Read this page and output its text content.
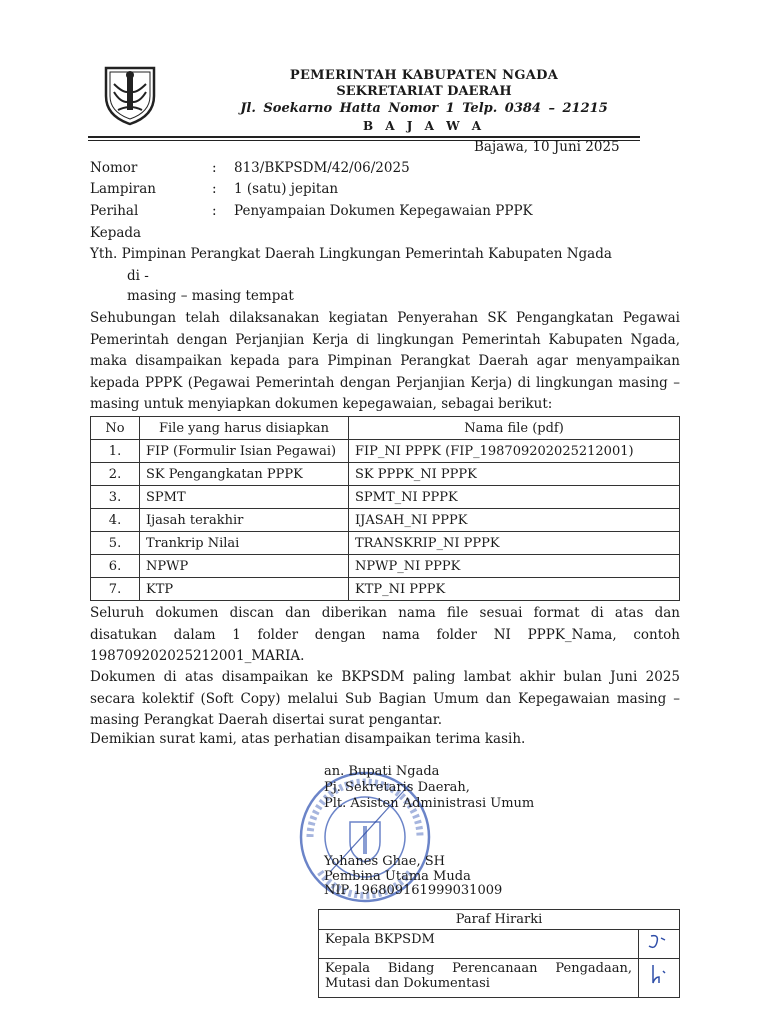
PEMERINTAH KABUPATEN NGADA
SEKRETARIAT DAERAH
Jl. Soekarno Hatta Nomor 1 Telp. 0384 – 21215
B A J A W A
Bajawa, 10 Juni 2025
Nomor	: 813/BKPSDM/42/06/2025
Lampiran	: 1 (satu) jepitan
Perihal	: Penyampaian Dokumen Kepegawaian PPPK
Kepada
Yth. Pimpinan Perangkat Daerah Lingkungan Pemerintah Kabupaten Ngada
di -
masing – masing tempat
Sehubungan telah dilaksanakan kegiatan Penyerahan SK Pengangkatan Pegawai
Pemerintah dengan Perjanjian Kerja di lingkungan Pemerintah Kabupaten Ngada,
maka disampaikan kepada para Pimpinan Perangkat Daerah agar menyampaikan
kepada PPPK (Pegawai Pemerintah dengan Perjanjian Kerja) di lingkungan masing –
masing untuk menyiapkan dokumen kepegawaian, sebagai berikut:
No	File yang harus disiapkan	Nama file (pdf)
1.	FIP (Formulir Isian Pegawai)	FIP_NI PPPK (FIP_198709202025212001)
2.	SK Pengangkatan PPPK	SK PPPK_NI PPPK
3.	SPMT	SPMT_NI PPPK
4.	Ijasah terakhir	IJASAH_NI PPPK
5.	Trankrip Nilai	TRANSKRIP_NI PPPK
6.	NPWP	NPWP_NI PPPK
7.	KTP	KTP_NI PPPK
Seluruh dokumen discan dan diberikan nama file sesuai format di atas dan
disatukan dalam 1 folder dengan nama folder NI PPPK_Nama, contoh
198709202025212001_MARIA.
Dokumen di atas disampaikan ke BKPSDM paling lambat akhir bulan Juni 2025
secara kolektif (Soft Copy) melalui Sub Bagian Umum dan Kepegawaian masing –
masing Perangkat Daerah disertai surat pengantar.
Demikian surat kami, atas perhatian disampaikan terima kasih.
an. Bupati Ngada
Pj. Sekretaris Daerah,
Plt. Asisten Administrasi Umum
Yohanes Ghae, SH
Pembina Utama Muda
NIP 196809161999031009
Paraf Hirarki	
Kepala BKPSDM	

Kepala Bidang Perencanaan Pengadaan,
Mutasi dan Dokumentasi
